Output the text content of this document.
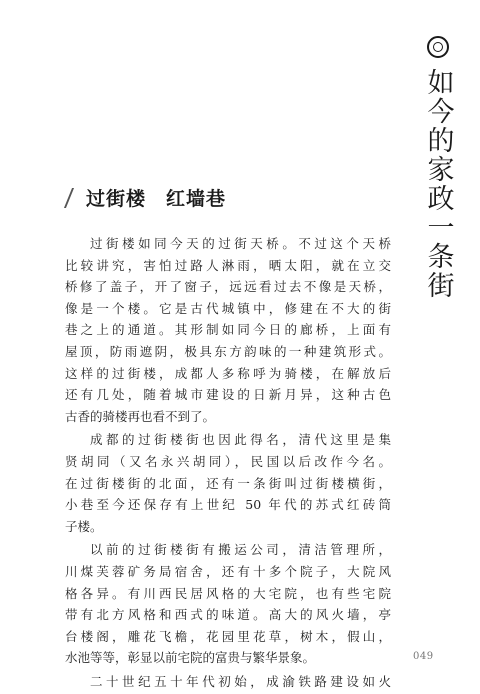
如今的家政一条街
过街楼　红墙巷

过街楼如同今天的过街天桥。不过这个天桥
比较讲究，害怕过路人淋雨，晒太阳，就在立交
桥修了盖子，开了窗子，远远看过去不像是天桥，
像是一个楼。它是古代城镇中，修建在不大的街
巷之上的通道。其形制如同今日的廊桥，上面有
屋顶，防雨遮阴，极具东方韵味的一种建筑形式。
这样的过街楼，成都人多称呼为骑楼，在解放后
还有几处，随着城市建设的日新月异，这种古色
古香的骑楼再也看不到了。

成都的过街楼街也因此得名，清代这里是集
贤胡同（又名永兴胡同），民国以后改作今名。
在过街楼街的北面，还有一条街叫过街楼横街，
小巷至今还保存有上世纪 50 年代的苏式红砖筒
子楼。

以前的过街楼街有搬运公司，清洁管理所，
川煤芙蓉矿务局宿舍，还有十多个院子，大院风
格各异。有川西民居风格的大宅院，也有些宅院
带有北方风格和西式的味道。高大的风火墙，亭
台楼阁，雕花飞檐，花园里花草，树木，假山，
水池等等，彰显以前宅院的富贵与繁华景象。

二十世纪五十年代初始，成渝铁路建设如火

049
